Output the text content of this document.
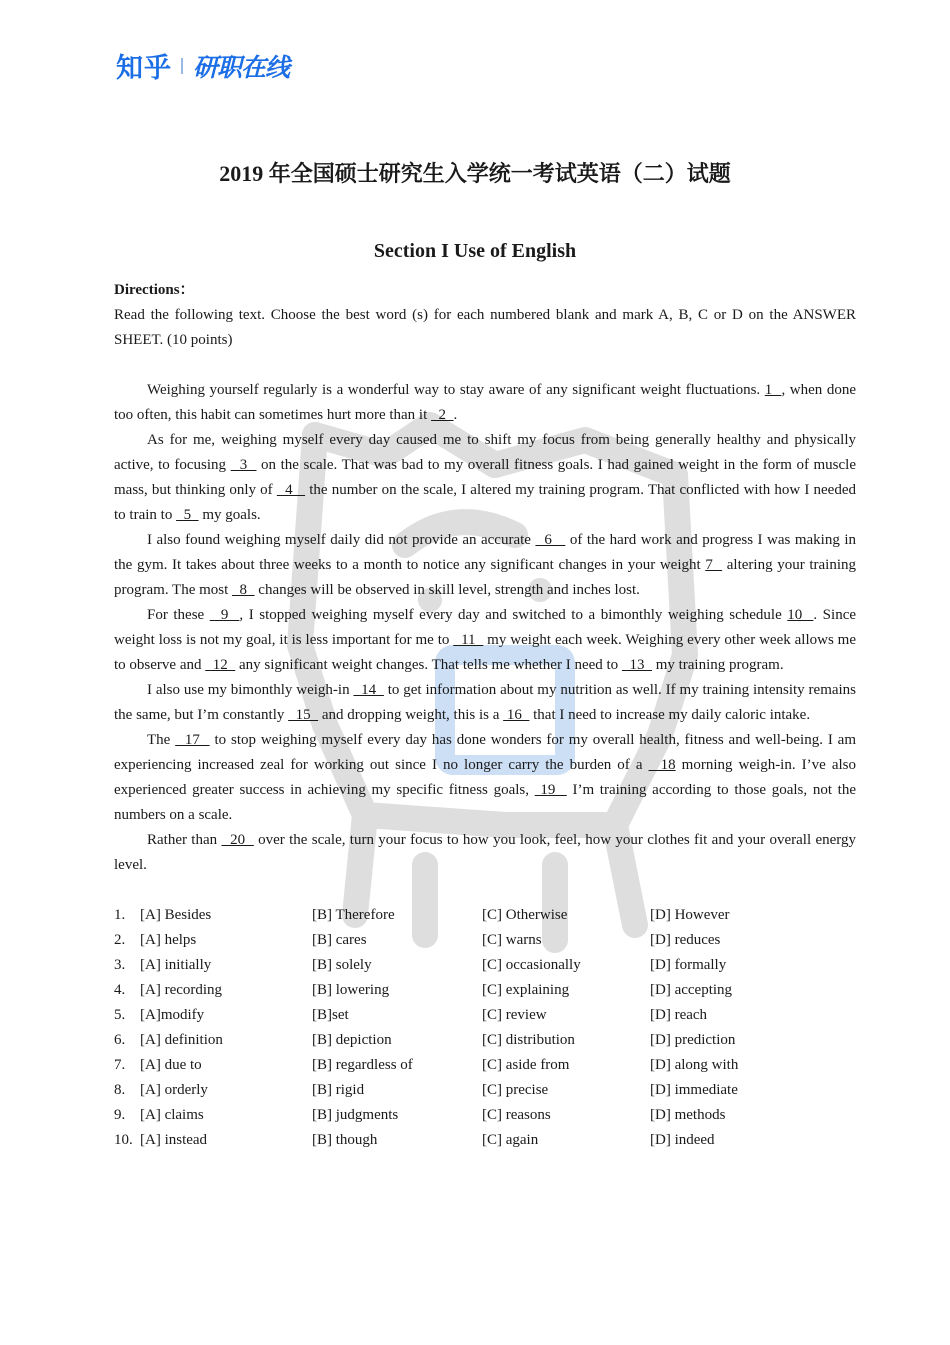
知乎 研职在线
2019 年全国硕士研究生入学统一考试英语（二）试题
Section I Use of English

Directions：

Read the following text. Choose the best word (s) for each numbered blank and mark A, B, C or D on the ANSWER SHEET. (10 points)

Weighing yourself regularly is a wonderful way to stay aware of any significant weight fluctuations. 1  , when done too often, this habit can sometimes hurt more than it   2  .

As for me, weighing myself every day caused me to shift my focus from being generally healthy and physically active, to focusing   3   on the scale. That was bad to my overall fitness goals. I had gained weight in the form of muscle mass, but thinking only of   4    the number on the scale, I altered my training program. That conflicted with how I needed to train to   5   my goals.

I also found weighing myself daily did not provide an accurate   6    of the hard work and progress I was making in the gym. It takes about three weeks to a month to notice any significant changes in your weight 7   altering your training program. The most   8   changes will be observed in skill level, strength and inches lost.

For these   9  , I stopped weighing myself every day and switched to a bimonthly weighing schedule 10  . Since weight loss is not my goal, it is less important for me to   11   my weight each week. Weighing every other week allows me to observe and   12   any significant weight changes. That tells me whether I need to   13   my training program.

I also use my bimonthly weigh-in   14   to get information about my nutrition as well. If my training intensity remains the same, but I’m constantly   15   and dropping weight, this is a  16   that I need to increase my daily caloric intake.

The   17   to stop weighing myself every day has done wonders for my overall health, fitness and well-being. I am experiencing increased zeal for working out since I no longer carry the burden of a   18 morning weigh-in. I’ve also experienced greater success in achieving my specific fitness goals,  19   I’m training according to those goals, not the numbers on a scale.

Rather than   20   over the scale, turn your focus to how you look, feel, how your clothes fit and your overall energy level.

1. [A] Besides	[B] Therefore	[C] Otherwise	[D] However
2. [A] helps	[B] cares	[C] warns	[D] reduces
3. [A] initially	[B] solely	[C] occasionally	[D] formally
4. [A] recording	[B] lowering	[C] explaining	[D] accepting
5. [A]modify	[B]set	[C] review	[D] reach
6. [A] definition	[B] depiction	[C] distribution	[D] prediction
7. [A] due to	[B] regardless of	[C] aside from	[D] along with
8. [A] orderly	[B] rigid	[C] precise	[D] immediate
9. [A] claims	[B] judgments	[C] reasons	[D] methods
10. [A] instead	[B] though	[C] again	[D] indeed
